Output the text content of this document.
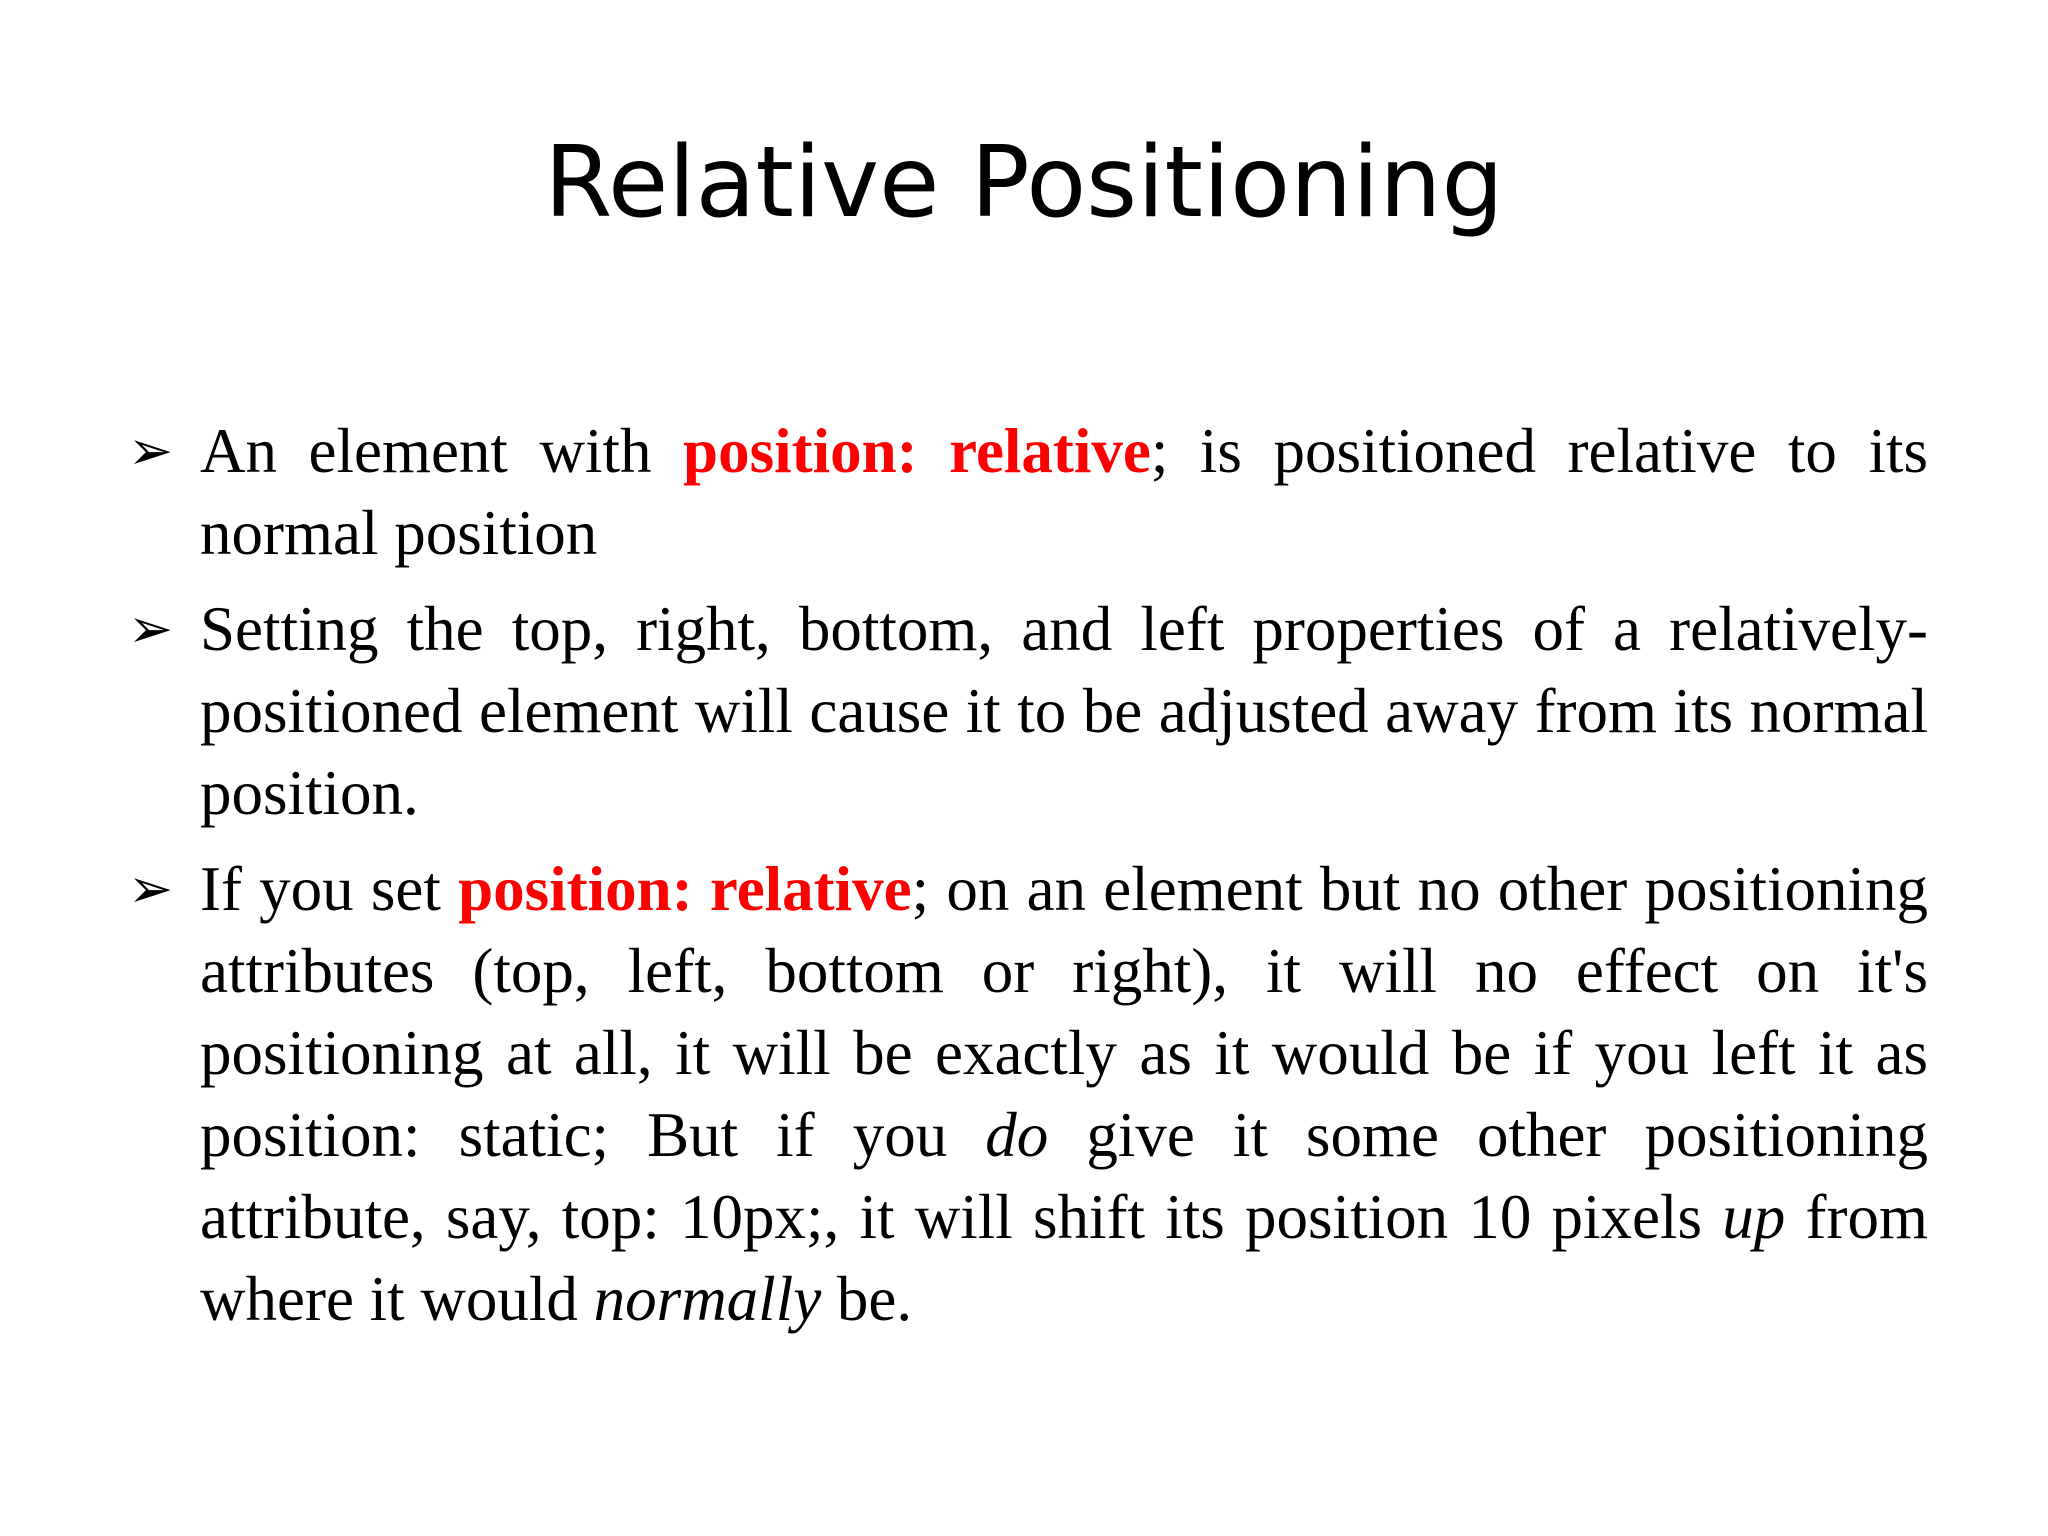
Relative Positioning
➢ An element with position: relative; is positioned relative to its normal position
➢ Setting the top, right, bottom, and left properties of a relatively-positioned element will cause it to be adjusted away from its normal position.
➢ If you set position: relative; on an element but no other positioning attributes (top, left, bottom or right), it will no effect on it's positioning at all, it will be exactly as it would be if you left it as position: static; But if you do give it some other positioning attribute, say, top: 10px;, it will shift its position 10 pixels up from where it would normally be.
